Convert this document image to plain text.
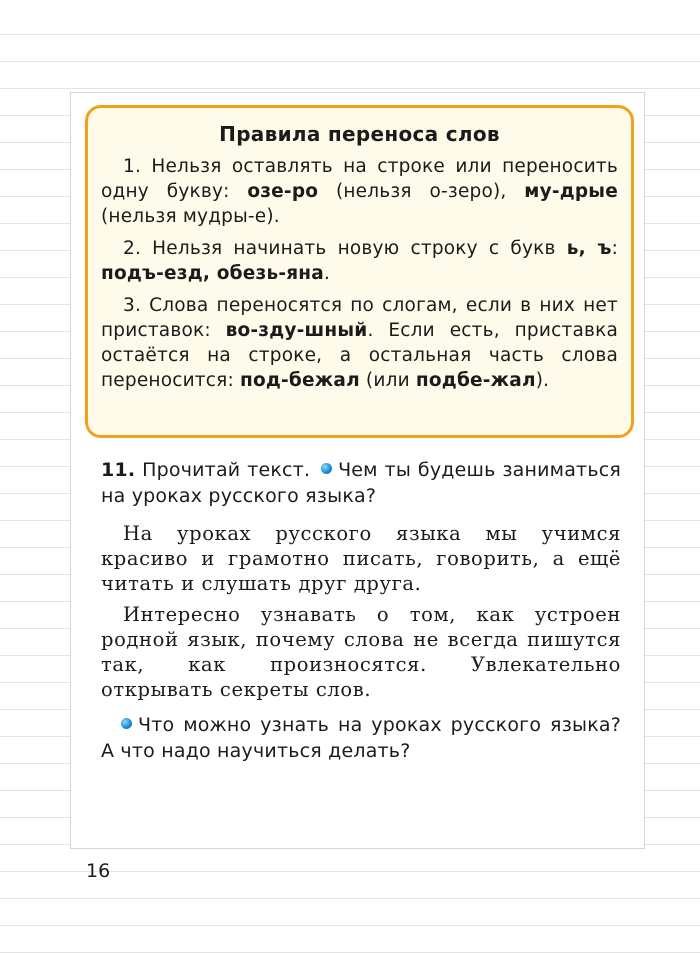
Правила переноса слов

1. Нельзя оставлять на строке или переносить одну букву: озе-ро (нельзя о-зеро), му-дрые (нельзя мудры-е).

2. Нельзя начинать новую строку с букв ь, ъ: подъ-езд, обезь-яна.

3. Слова переносятся по слогам, если в них нет приставок: во-зду-шный. Если есть, приставка остаётся на строке, а остальная часть слова переносится: под-бежал (или подбе-жал).

11. Прочитай текст. Чем ты будешь заниматься на уроках русского языка?

На уроках русского языка мы учимся красиво и грамотно писать, говорить, а ещё читать и слушать друг друга.

Интересно узнавать о том, как устроен родной язык, почему слова не всегда пишутся так, как произносятся. Увлекательно открывать секреты слов.

Что можно узнать на уроках русского языка? А что надо научиться делать?
16
